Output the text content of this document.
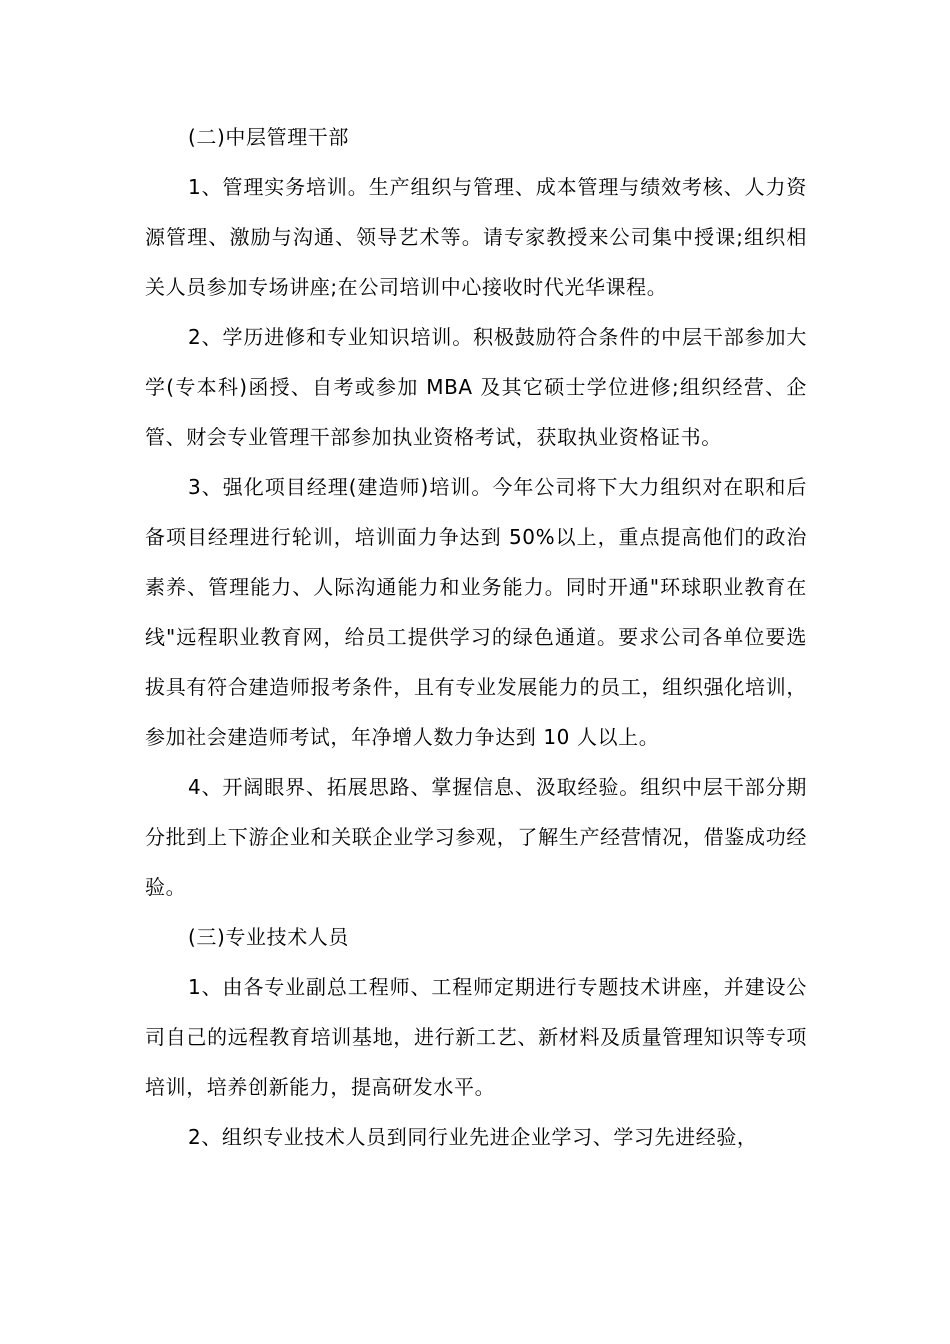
(二)中层管理干部

1、管理实务培训。生产组织与管理、成本管理与绩效考核、人力资源管理、激励与沟通、领导艺术等。请专家教授来公司集中授课;组织相关人员参加专场讲座;在公司培训中心接收时代光华课程。

2、学历进修和专业知识培训。积极鼓励符合条件的中层干部参加大学(专本科)函授、自考或参加 MBA 及其它硕士学位进修;组织经营、企管、财会专业管理干部参加执业资格考试，获取执业资格证书。

3、强化项目经理(建造师)培训。今年公司将下大力组织对在职和后备项目经理进行轮训，培训面力争达到 50%以上，重点提高他们的政治素养、管理能力、人际沟通能力和业务能力。同时开通"环球职业教育在线"远程职业教育网，给员工提供学习的绿色通道。要求公司各单位要选拔具有符合建造师报考条件，且有专业发展能力的员工，组织强化培训，参加社会建造师考试，年净增人数力争达到 10 人以上。

4、开阔眼界、拓展思路、掌握信息、汲取经验。组织中层干部分期分批到上下游企业和关联企业学习参观，了解生产经营情况，借鉴成功经验。

(三)专业技术人员

1、由各专业副总工程师、工程师定期进行专题技术讲座，并建设公司自己的远程教育培训基地，进行新工艺、新材料及质量管理知识等专项培训，培养创新能力，提高研发水平。

2、组织专业技术人员到同行业先进企业学习、学习先进经验，
